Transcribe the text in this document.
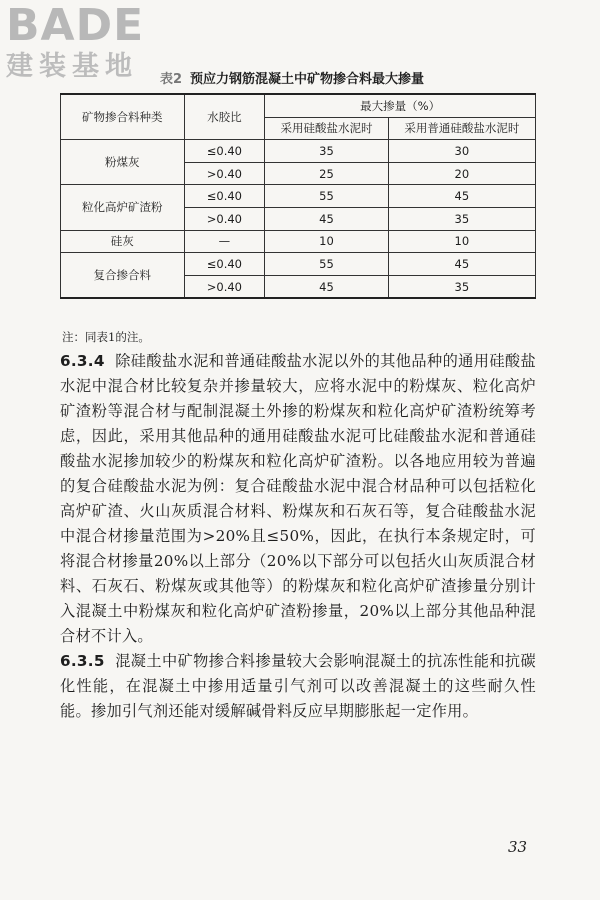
BADE
建装基地	表2 预应力钢筋混凝土中矿物掺合料最大掺量
矿物掺合料种类	水胶比	最大掺量（%）	
		采用硅酸盐水泥时	采用普通硅酸盐水泥时
粉煤灰	≤0.40	35	30
	>0.40	25	20
粒化高炉矿渣粉	≤0.40	55	45
	>0.40	45	35
硅灰	—	10	10
复合掺合料	≤0.40	55	45
	>0.40	45	35
注：同表1的注。

6.3.4 除硅酸盐水泥和普通硅酸盐水泥以外的其他品种的通用硅酸盐水泥中混合材比较复杂并掺量较大，应将水泥中的粉煤灰、粒化高炉矿渣粉等混合材与配制混凝土外掺的粉煤灰和粒化高炉矿渣粉统筹考虑，因此，采用其他品种的通用硅酸盐水泥可比硅酸盐水泥和普通硅酸盐水泥掺加较少的粉煤灰和粒化高炉矿渣粉。以各地应用较为普遍的复合硅酸盐水泥为例：复合硅酸盐水泥中混合材品种可以包括粒化高炉矿渣、火山灰质混合材料、粉煤灰和石灰石等，复合硅酸盐水泥中混合材掺量范围为>20%且≤50%，因此，在执行本条规定时，可将混合材掺量20%以上部分（20%以下部分可以包括火山灰质混合材料、石灰石、粉煤灰或其他等）的粉煤灰和粒化高炉矿渣掺量分别计入混凝土中粉煤灰和粒化高炉矿渣粉掺量，20%以上部分其他品种混合材不计入。

6.3.5 混凝土中矿物掺合料掺量较大会影响混凝土的抗冻性能和抗碳化性能，在混凝土中掺用适量引气剂可以改善混凝土的这些耐久性能。掺加引气剂还能对缓解碱骨料反应早期膨胀起一定作用。

33
